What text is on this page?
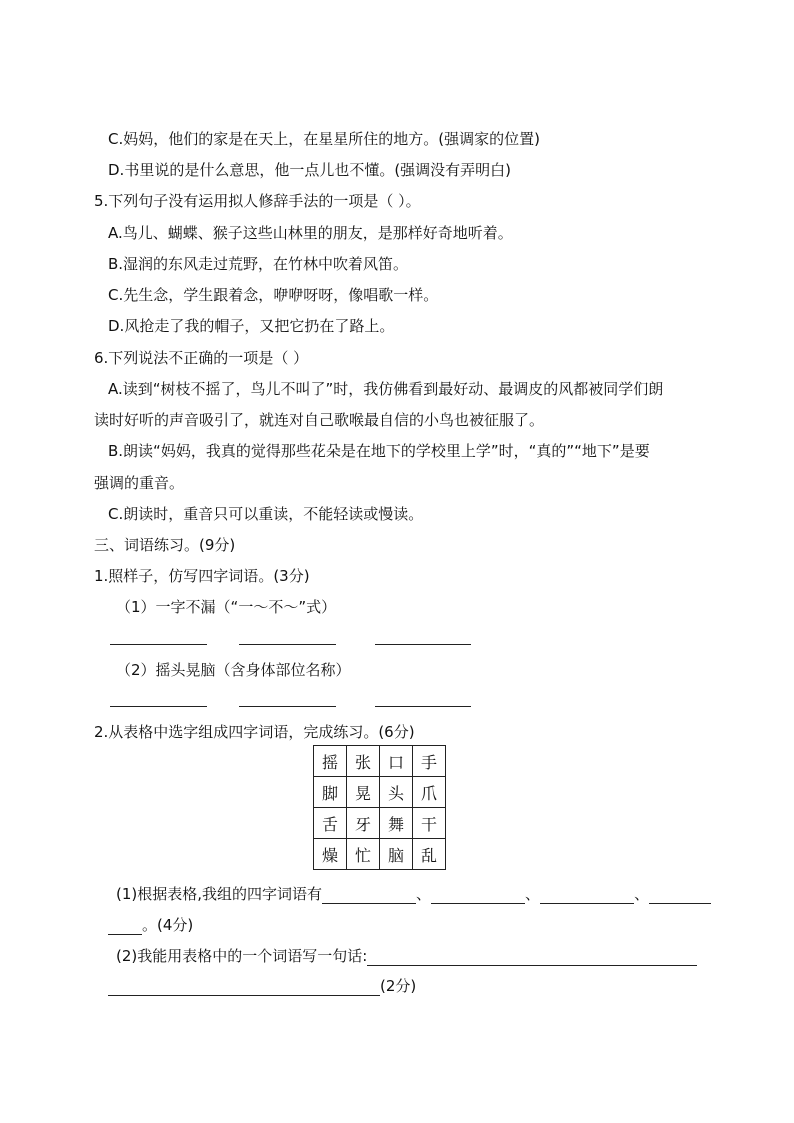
C.妈妈，他们的家是在天上，在星星所住的地方。(强调家的位置)
D.书里说的是什么意思，他一点儿也不懂。(强调没有弄明白)
5.下列句子没有运用拟人修辞手法的一项是（ ）。
A.鸟儿、蝴蝶、猴子这些山林里的朋友，是那样好奇地听着。
B.湿润的东风走过荒野，在竹林中吹着风笛。
C.先生念，学生跟着念，咿咿呀呀，像唱歌一样。
D.风抢走了我的帽子，又把它扔在了路上。
6.下列说法不正确的一项是（ ）
A.读到“树枝不摇了，鸟儿不叫了”时，我仿佛看到最好动、最调皮的风都被同学们朗
读时好听的声音吸引了，就连对自己歌喉最自信的小鸟也被征服了。
B.朗读“妈妈，我真的觉得那些花朵是在地下的学校里上学”时，“真的”“地下”是要
强调的重音。
C.朗读时，重音只可以重读，不能轻读或慢读。
三、词语练习。(9分)
1.照样子，仿写四字词语。(3分)
（1）一字不漏（“一～不～”式）
（2）摇头晃脑（含身体部位名称）
2.从表格中选字组成四字词语，完成练习。(6分)
摇	张	口	手
脚	晃	头	爪
舌	牙	舞	干
燥	忙	脑	乱
(1)根据表格,我组的四字词语有	、	、	、
。(4分)
(2)我能用表格中的一个词语写一句话:
(2分)
